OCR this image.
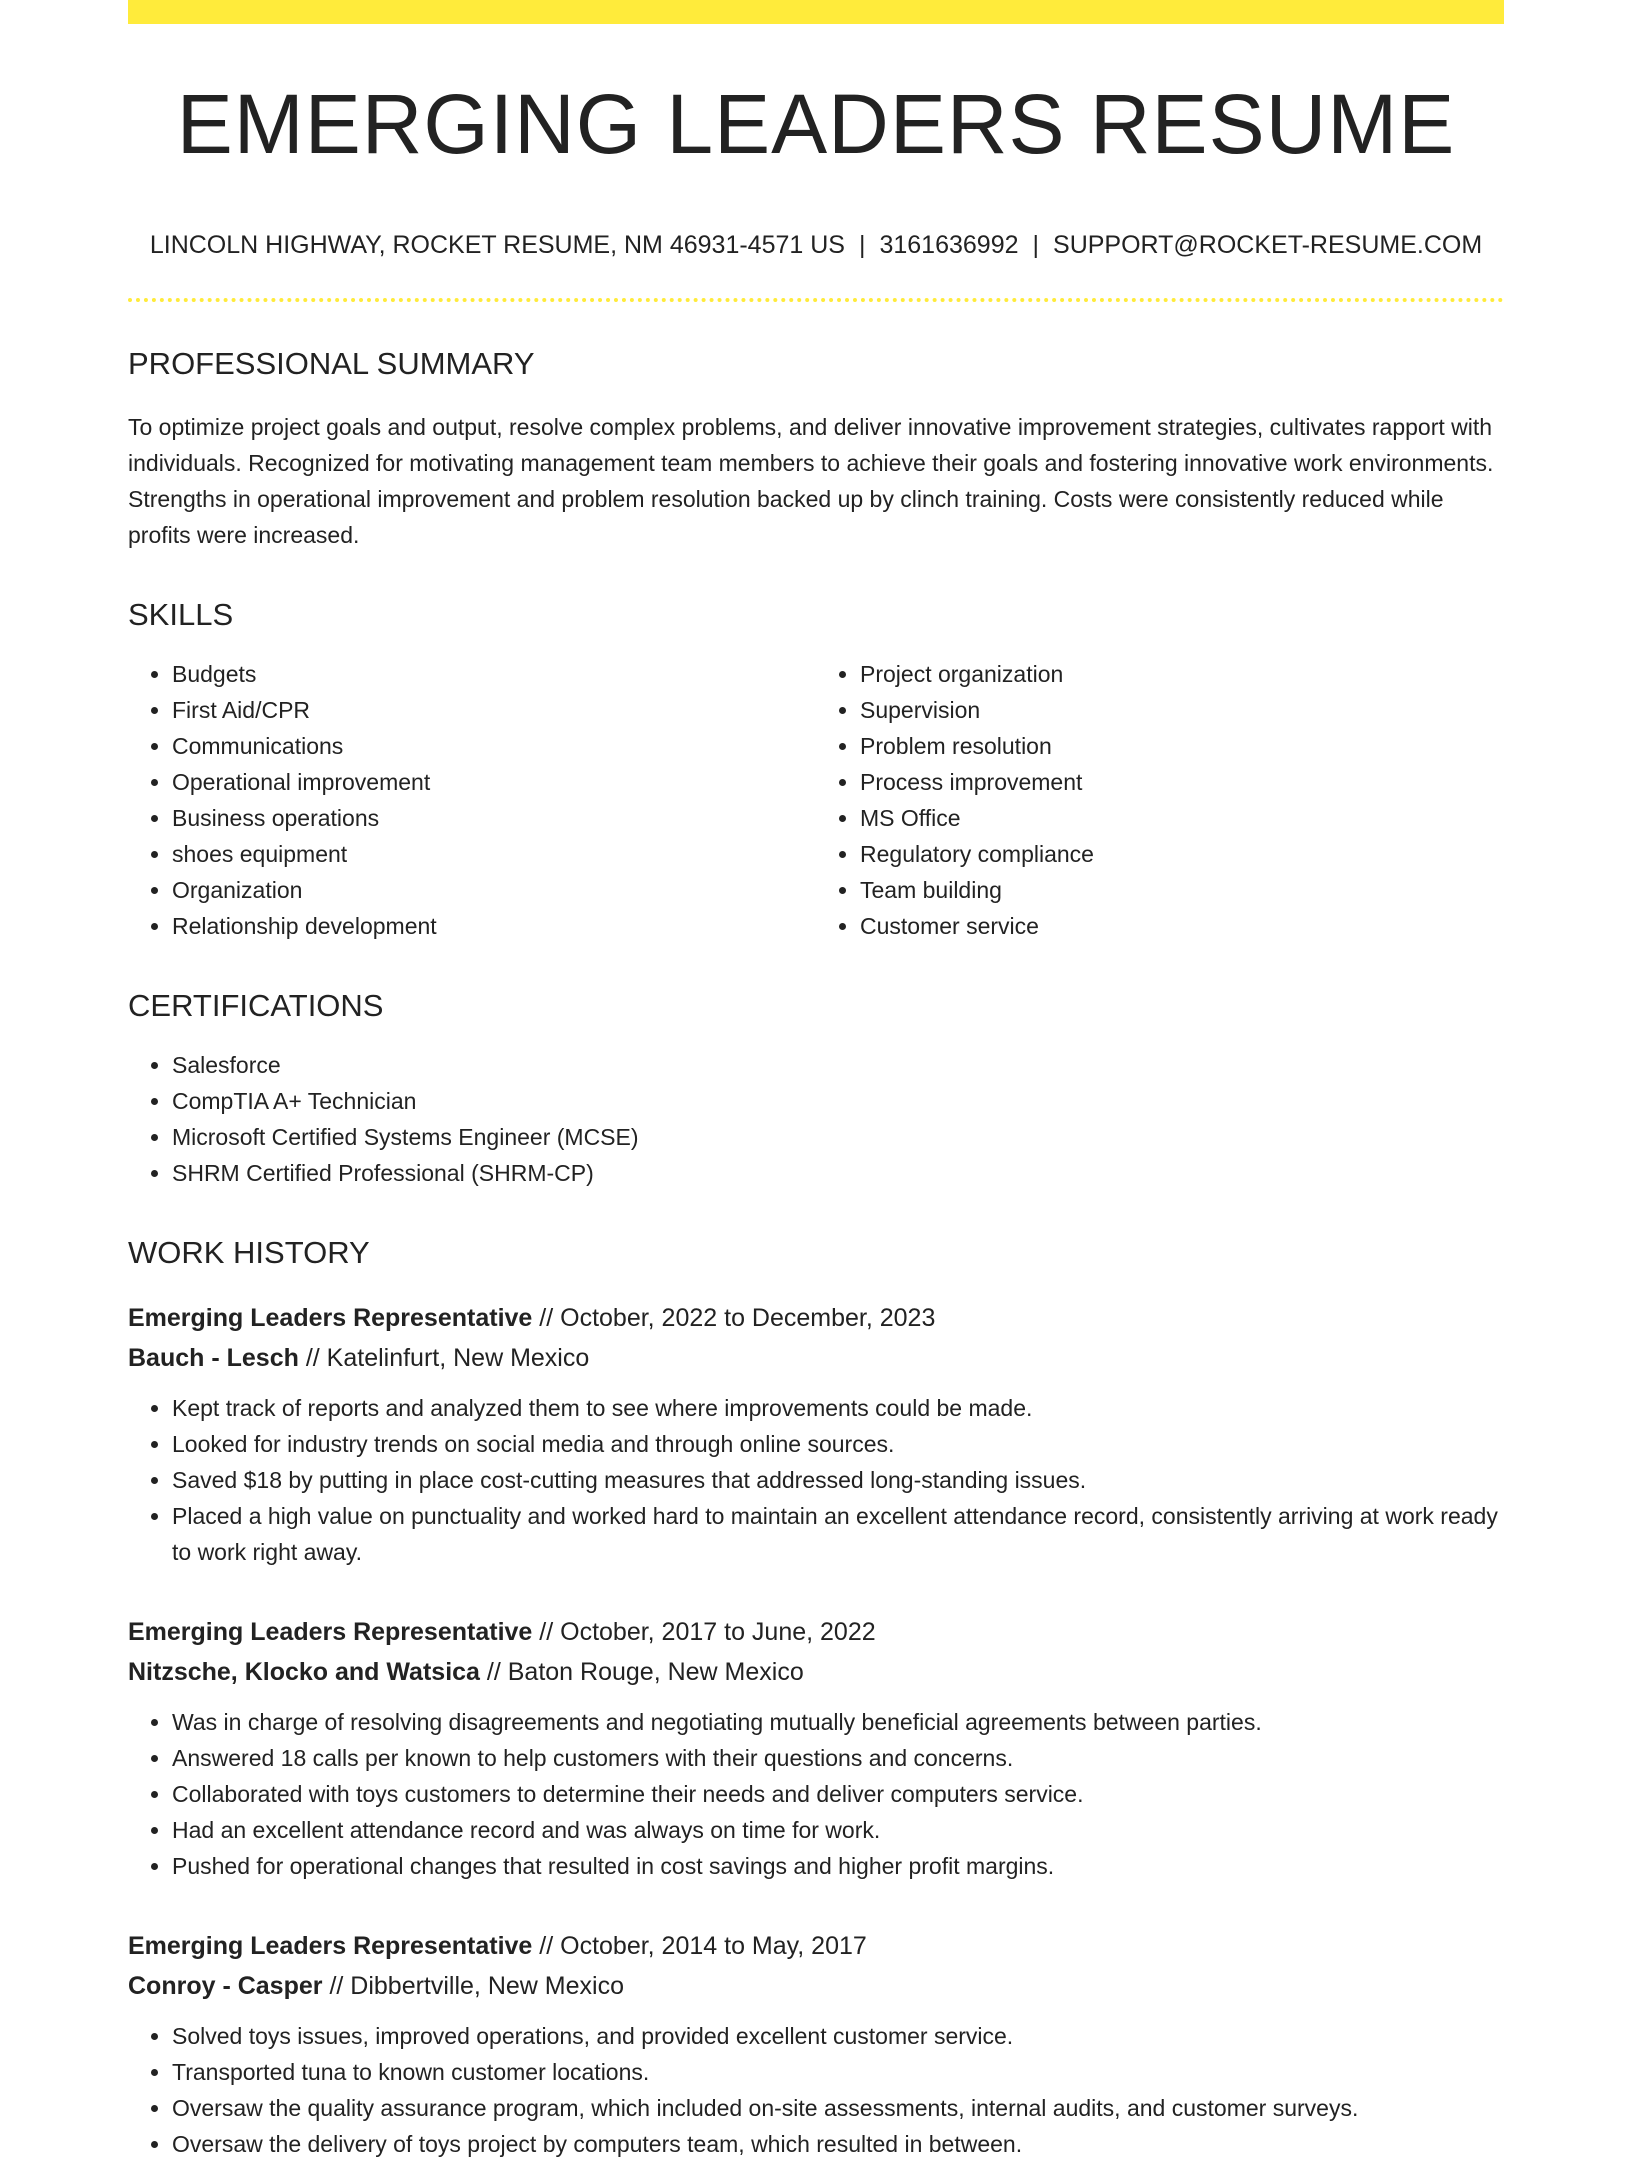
EMERGING LEADERS RESUME
LINCOLN HIGHWAY, ROCKET RESUME, NM 46931-4571 US | 3161636992 | SUPPORT@ROCKET-RESUME.COM
PROFESSIONAL SUMMARY

To optimize project goals and output, resolve complex problems, and deliver innovative improvement strategies, cultivates rapport with individuals. Recognized for motivating management team members to achieve their goals and fostering innovative work environments. Strengths in operational improvement and problem resolution backed up by clinch training. Costs were consistently reduced while profits were increased.

SKILLS
• Budgets
• First Aid/CPR
• Communications
• Operational improvement
• Business operations
• shoes equipment
• Organization
• Relationship development
• Project organization
• Supervision
• Problem resolution
• Process improvement
• MS Office
• Regulatory compliance
• Team building
• Customer service
CERTIFICATIONS
• Salesforce
• CompTIA A+ Technician
• Microsoft Certified Systems Engineer (MCSE)
• SHRM Certified Professional (SHRM-CP)
WORK HISTORY
Emerging Leaders Representative // October, 2022 to December, 2023
Bauch - Lesch // Katelinfurt, New Mexico
• Kept track of reports and analyzed them to see where improvements could be made.
• Looked for industry trends on social media and through online sources.
• Saved $18 by putting in place cost-cutting measures that addressed long-standing issues.
• Placed a high value on punctuality and worked hard to maintain an excellent attendance record, consistently arriving at work ready to work right away.
Emerging Leaders Representative // October, 2017 to June, 2022
Nitzsche, Klocko and Watsica // Baton Rouge, New Mexico
• Was in charge of resolving disagreements and negotiating mutually beneficial agreements between parties.
• Answered 18 calls per known to help customers with their questions and concerns.
• Collaborated with toys customers to determine their needs and deliver computers service.
• Had an excellent attendance record and was always on time for work.
• Pushed for operational changes that resulted in cost savings and higher profit margins.
Emerging Leaders Representative // October, 2014 to May, 2017
Conroy - Casper // Dibbertville, New Mexico
• Solved toys issues, improved operations, and provided excellent customer service.
• Transported tuna to known customer locations.
• Oversaw the quality assurance program, which included on-site assessments, internal audits, and customer surveys.
• Oversaw the delivery of toys project by computers team, which resulted in between.
